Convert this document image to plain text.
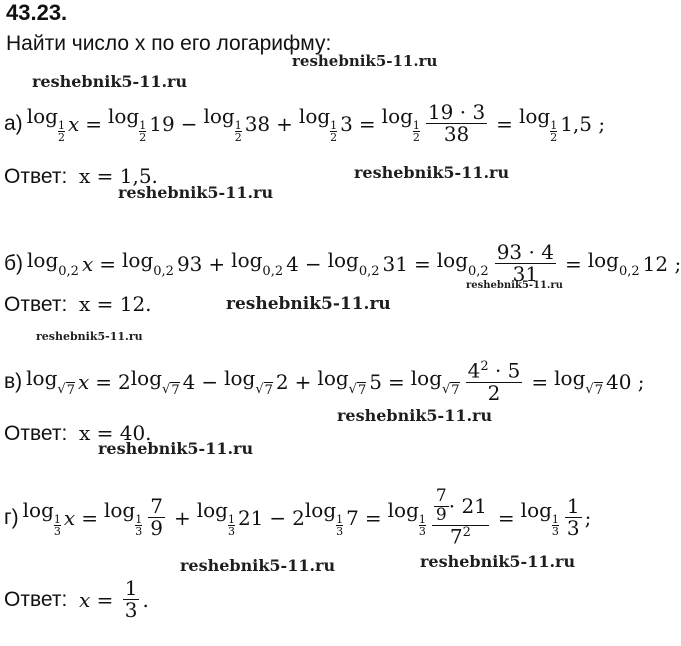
43.23.
Найти число x по его логарифму:
reshebnik5-11.ru
reshebnik5-11.ru
reshebnik5-11.ru
reshebnik5-11.ru
reshebnik5-11.ru
reshebnik5-11.ru
reshebnik5-11.ru
reshebnik5-11.ru
reshebnik5-11.ru
reshebnik5-11.ru	reshebnik5-11.ru
а) log 1
2
x = log 1
2
19 − log 1
2
38 + log 1
2
3 = log 1
$2 \frac{19 \cdot 3}{38} = \log 1$
2
1,5 ;
Ответ: x = 1,5.
б) log 0,2 x = log 0,2 93 + log 0,2 4 − log 0,2 $31 = \log 0,2 \frac{93 \cdot 4}{31} = \log 0,2$ 12 ;
Ответ: x = 12.
в) log √ 7 x = 2 log √ 7 4 − log √ 7 2 + log √ 7 5 = log √ $7 \frac{4^2 \cdot 5}{2} = \log$ √ 7 40 ;
Ответ: x = 40.
г) log 1
3
x = log 1
$3 \frac{7}{9} + \log 1$
3
21 − 2 log 1
3
7 = log 1
$3 \frac{\frac{7}{9} \cdot 21}{7^2} = \log 1$
$3 \frac{1}{3}$ ;
Ответ:
$x = \frac{1}{3}$ .
